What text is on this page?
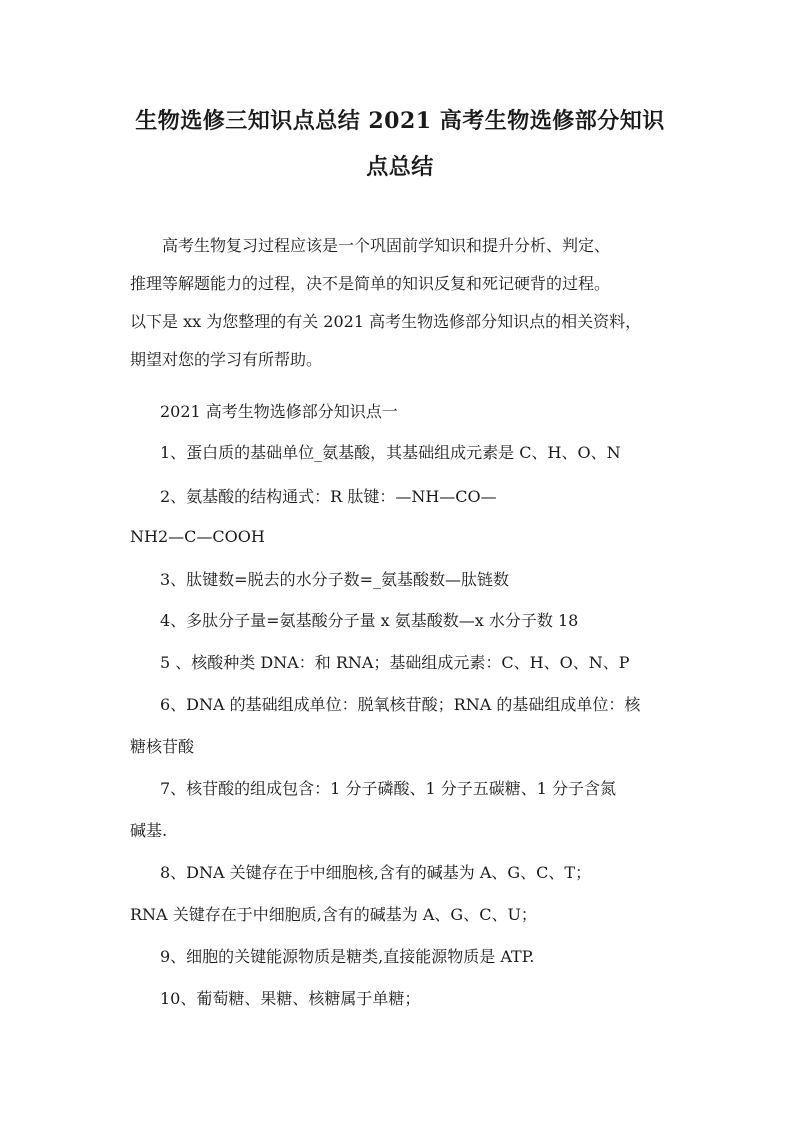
生物选修三知识点总结 2021 高考生物选修部分知识
点总结
高考生物复习过程应该是一个巩固前学知识和提升分析、判定、
推理等解题能力的过程，决不是简单的知识反复和死记硬背的过程。
以下是 xx 为您整理的有关 2021 高考生物选修部分知识点的相关资料，
期望对您的学习有所帮助。

2021 高考生物选修部分知识点一

1、蛋白质的基础单位_氨基酸，其基础组成元素是 C、H、O、N

2、氨基酸的结构通式：R 肽键：—NH—CO—

NH2—C—COOH

3、肽键数=脱去的水分子数=_氨基酸数—肽链数

4、多肽分子量=氨基酸分子量 x 氨基酸数—x 水分子数 18

5 、核酸种类 DNA：和 RNA；基础组成元素：C、H、O、N、P

6、DNA 的基础组成单位：脱氧核苷酸；RNA 的基础组成单位：核

糖核苷酸

7、核苷酸的组成包含：1 分子磷酸、1 分子五碳糖、1 分子含氮

碱基.

8、DNA 关键存在于中细胞核,含有的碱基为 A、G、C、T；

RNA 关键存在于中细胞质,含有的碱基为 A、G、C、U；

9、细胞的关键能源物质是糖类,直接能源物质是 ATP.

10、葡萄糖、果糖、核糖属于单糖；
